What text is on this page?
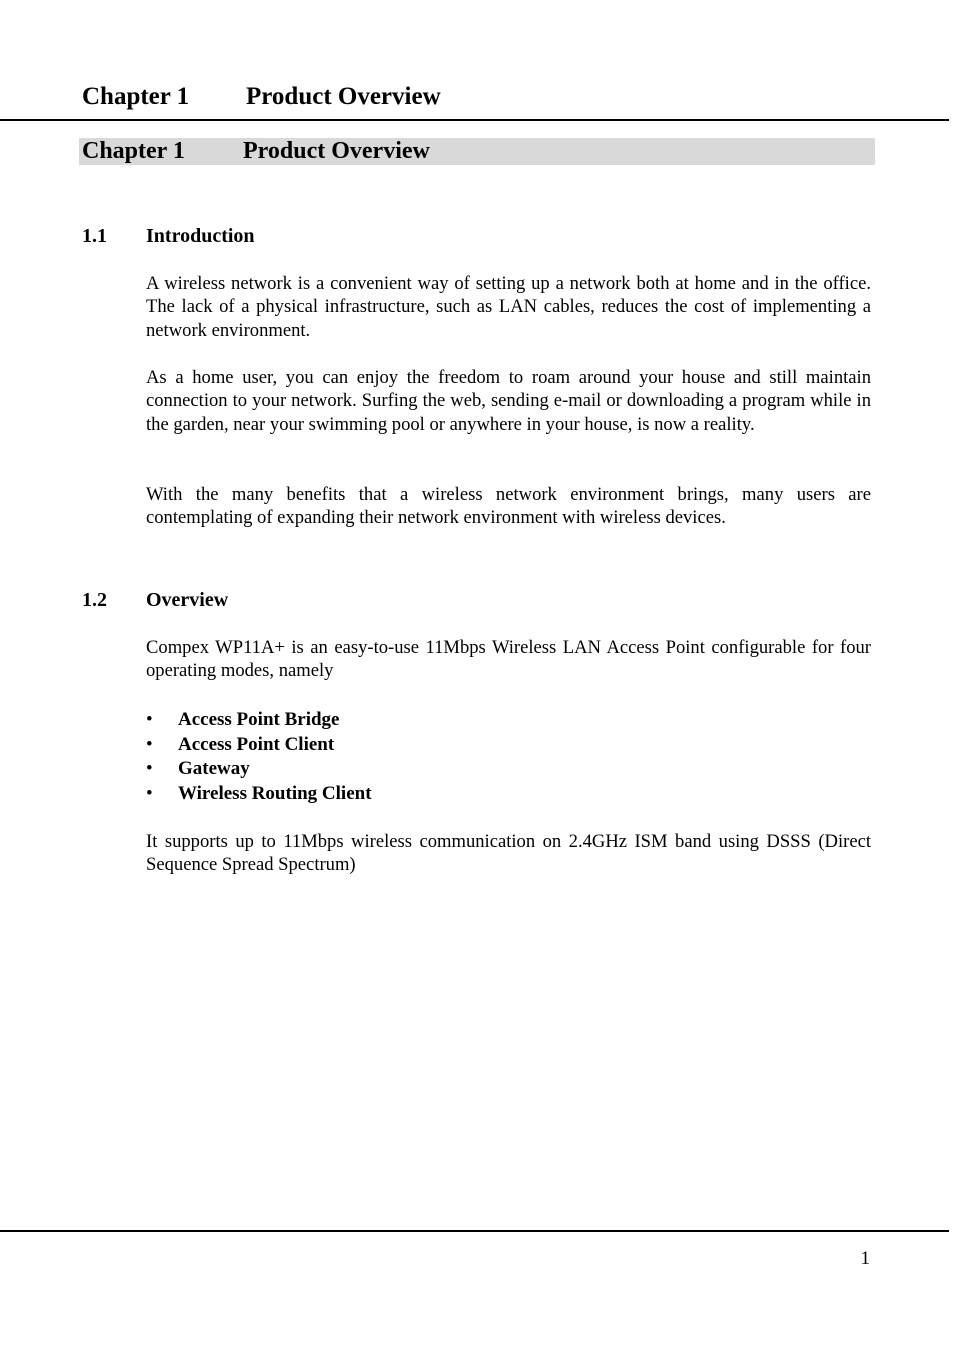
Chapter 1 Product Overview
Chapter 1 Product Overview
1.1 Introduction

A wireless network is a convenient way of setting up a network both at home and in the office. The lack of a physical infrastructure, such as LAN cables, reduces the cost of implementing a network environment.

As a home user, you can enjoy the freedom to roam around your house and still maintain connection to your network. Surfing the web, sending e-mail or downloading a program while in the garden, near your swimming pool or anywhere in your house, is now a reality.

With the many benefits that a wireless network environment brings, many users are contemplating of expanding their network environment with wireless devices.

1.2 Overview

Compex WP11A+ is an easy-to-use 11Mbps Wireless LAN Access Point configurable for four operating modes, namely

• Access Point Bridge
• Access Point Client
• Gateway
• Wireless Routing Client

It supports up to 11Mbps wireless communication on 2.4GHz ISM band using DSSS (Direct Sequence Spread Spectrum)

1
